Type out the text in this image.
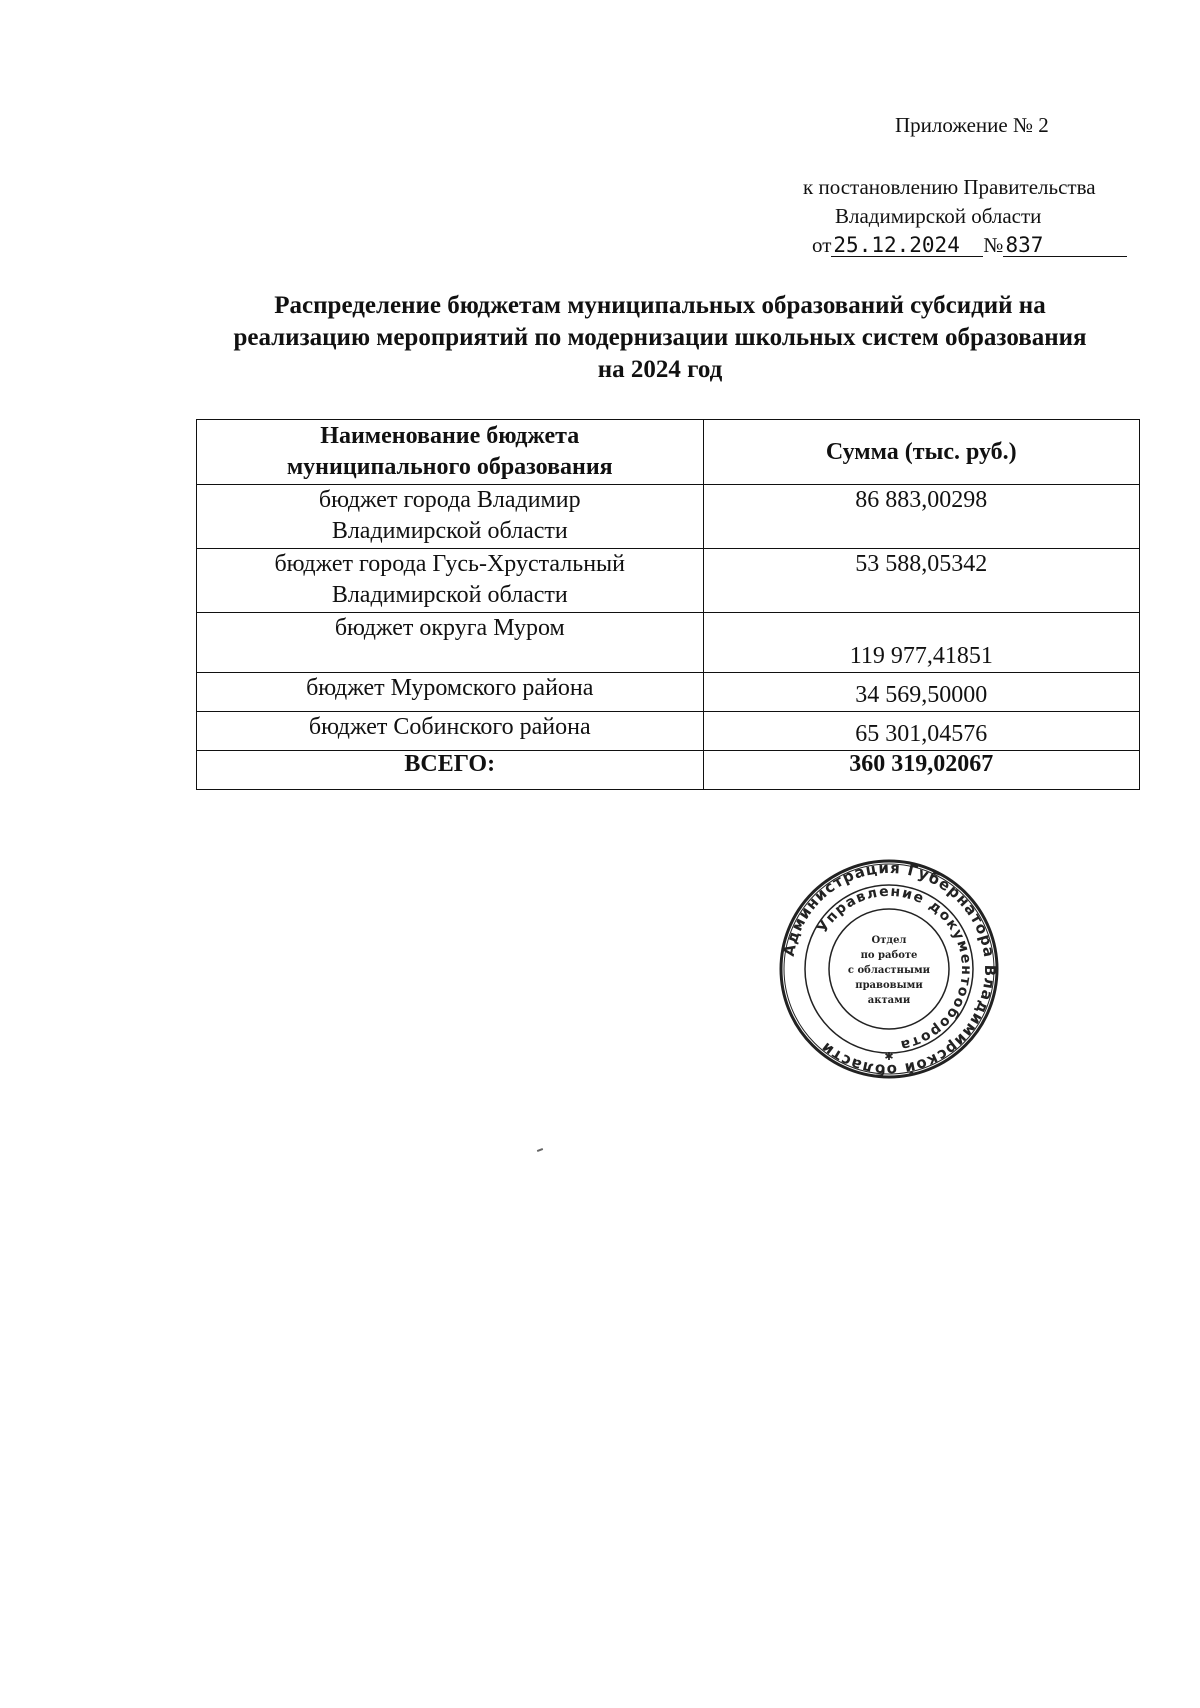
Приложение № 2
к постановлению Правительства
Владимирской области
от25.12.2024 №837
Распределение бюджетам муниципальных образований субсидий на
реализацию мероприятий по модернизации школьных систем образования
на 2024 год
Наименование бюджета
муниципального образования	Сумма (тыс. руб.)

бюджет города Владимир
Владимирской области	86 883,00298

бюджет города Гусь-Хрустальный
Владимирской области	53 588,05342
бюджет округа Муром	119 977,41851
бюджет Муромского района	34 569,50000
бюджет Собинского района	65 301,04576
ВСЕГО:	360 319,02067
Администрация Губернатора Владимирской области
Управление документооборота
Отдел
по работе
с областными
правовыми
актами
✱
